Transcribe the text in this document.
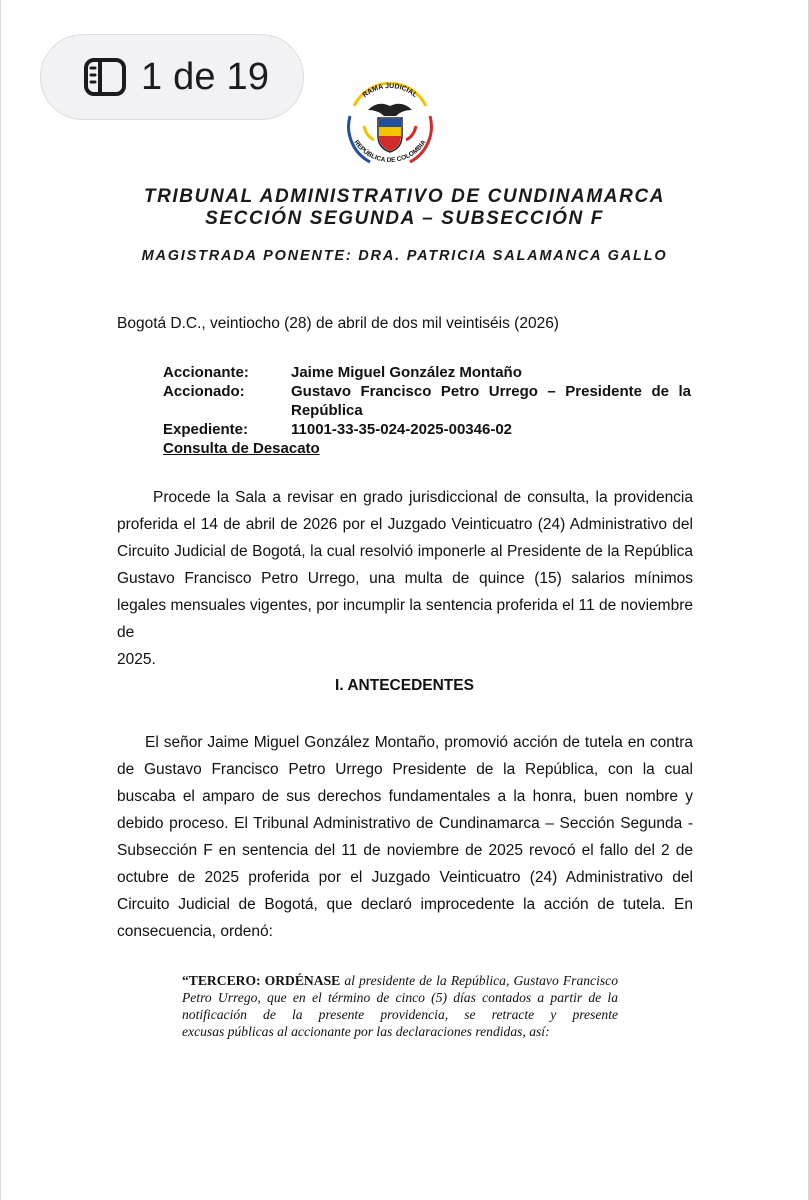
1 de 19	RAMA JUDICIAL
REPÚBLICA DE COLOMBIA
TRIBUNAL ADMINISTRATIVO DE CUNDINAMARCA
SECCIÓN SEGUNDA – SUBSECCIÓN F
MAGISTRADA PONENTE: DRA. PATRICIA SALAMANCA GALLO
Bogotá D.C., veintiocho (28) de abril de dos mil veintiséis (2026)
Accionante:	Jaime Miguel González Montaño
Accionado:	Gustavo Francisco Petro Urrego – Presidente de la
República
Expediente:	11001-33-35-024-2025-00346-02
Consulta de Desacato
Procede la Sala a revisar en grado jurisdiccional de consulta, la providencia proferida el 14 de abril de 2026 por el Juzgado Veinticuatro (24) Administrativo del Circuito Judicial de Bogotá, la cual resolvió imponerle al Presidente de la República Gustavo Francisco Petro Urrego, una multa de quince (15) salarios mínimos legales mensuales vigentes, por incumplir la sentencia proferida el 11 de noviembre de
2025.
I. ANTECEDENTES
El señor Jaime Miguel González Montaño, promovió acción de tutela en contra de Gustavo Francisco Petro Urrego Presidente de la República, con la cual buscaba el amparo de sus derechos fundamentales a la honra, buen nombre y debido proceso. El Tribunal Administrativo de Cundinamarca – Sección Segunda - Subsección F en sentencia del 11 de noviembre de 2025 revocó el fallo del 2 de octubre de 2025 proferida por el Juzgado Veinticuatro (24) Administrativo del Circuito Judicial de Bogotá, que declaró improcedente la acción de tutela. En
consecuencia, ordenó:
“TERCERO: ORDÉNASE al presidente de la República, Gustavo Francisco Petro Urrego, que en el término de cinco (5) días contados a partir de la notificación de la presente providencia, se retracte y presente
excusas públicas al accionante por las declaraciones rendidas, así:
